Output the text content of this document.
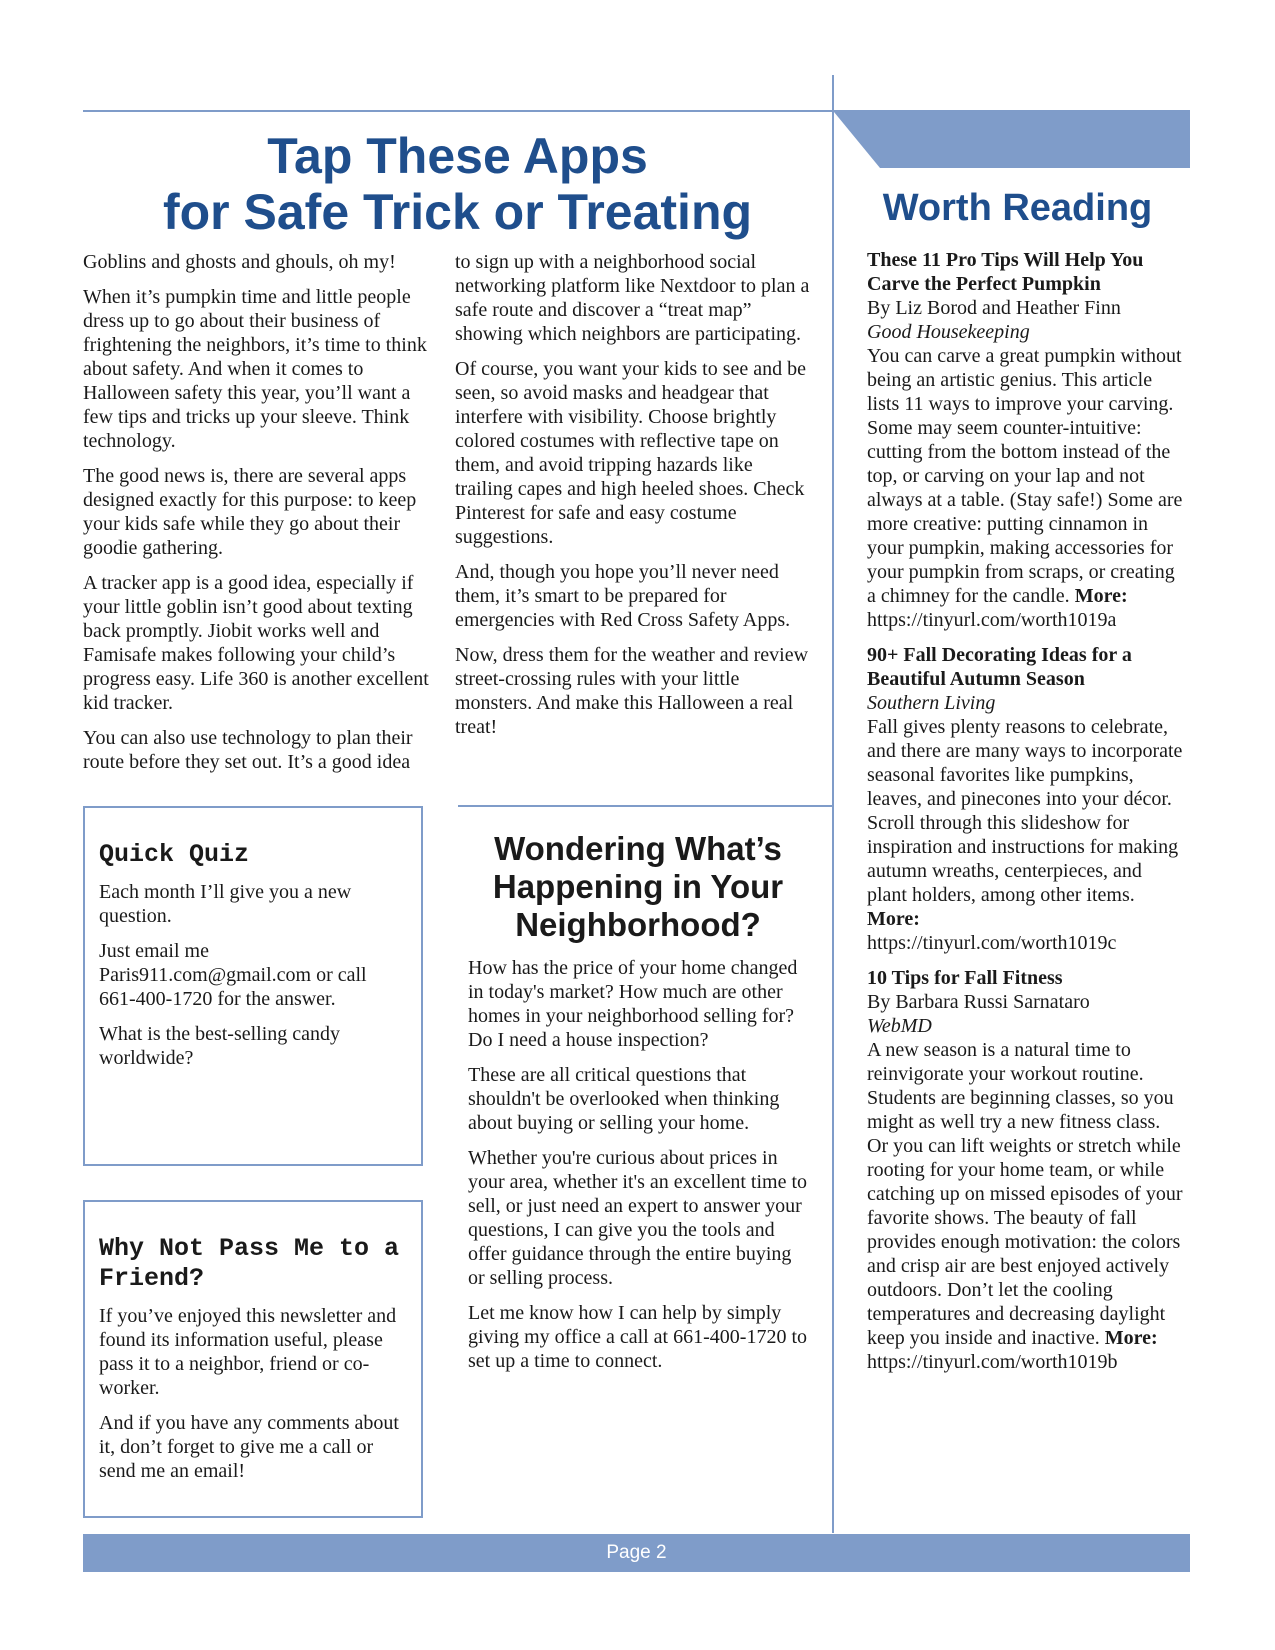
Tap These Apps
for Safe Trick or Treating

Goblins and ghosts and ghouls, oh my!

When it’s pumpkin time and little people dress up to go about their business of frightening the neighbors, it’s time to think about safety. And when it comes to Halloween safety this year, you’ll want a few tips and tricks up your sleeve. Think technology.

The good news is, there are several apps designed exactly for this purpose: to keep your kids safe while they go about their goodie gathering.

A tracker app is a good idea, especially if your little goblin isn’t good about texting back promptly. Jiobit works well and Famisafe makes following your child’s progress easy. Life 360 is another excellent kid tracker.

You can also use technology to plan their route before they set out. It’s a good idea

to sign up with a neighborhood social networking platform like Nextdoor to plan a safe route and discover a “treat map” showing which neighbors are participating.

Of course, you want your kids to see and be seen, so avoid masks and headgear that interfere with visibility. Choose brightly colored costumes with reflective tape on them, and avoid tripping hazards like trailing capes and high heeled shoes. Check Pinterest for safe and easy costume suggestions.

And, though you hope you’ll never need them, it’s smart to be prepared for emergencies with Red Cross Safety Apps.

Now, dress them for the weather and review street-crossing rules with your little monsters. And make this Halloween a real treat!

Quick Quiz

Each month I’ll give you a new question.

Just email me Paris911.com@gmail.com or call 661-400-1720 for the answer.

What is the best-selling candy worldwide?

Why Not Pass Me to a Friend?

If you’ve enjoyed this newsletter and found its information useful, please pass it to a neighbor, friend or co-worker.

And if you have any comments about it, don’t forget to give me a call or send me an email!

Wondering What’s Happening in Your Neighborhood?

How has the price of your home changed in today's market? How much are other homes in your neighborhood selling for? Do I need a house inspection?

These are all critical questions that shouldn't be overlooked when thinking about buying or selling your home.

Whether you're curious about prices in your area, whether it's an excellent time to sell, or just need an expert to answer your questions, I can give you the tools and offer guidance through the entire buying or selling process.

Let me know how I can help by simply giving my office a call at 661-400-1720 to set up a time to connect.

Worth Reading
These 11 Pro Tips Will Help You Carve the Perfect Pumpkin
By Liz Borod and Heather Finn
Good Housekeeping
You can carve a great pumpkin without being an artistic genius. This article lists 11 ways to improve your carving. Some may seem counter-intuitive: cutting from the bottom instead of the top, or carving on your lap and not always at a table. (Stay safe!) Some are more creative: putting cinnamon in your pumpkin, making accessories for your pumpkin from scraps, or creating a chimney for the candle. More:
https://tinyurl.com/worth1019a
90+ Fall Decorating Ideas for a Beautiful Autumn Season
Southern Living
Fall gives plenty reasons to celebrate, and there are many ways to incorporate seasonal favorites like pumpkins, leaves, and pinecones into your décor. Scroll through this slideshow for inspiration and instructions for making autumn wreaths, centerpieces, and plant holders, among other items. More:
https://tinyurl.com/worth1019c
10 Tips for Fall Fitness
By Barbara Russi Sarnataro
WebMD
A new season is a natural time to reinvigorate your workout routine. Students are beginning classes, so you might as well try a new fitness class. Or you can lift weights or stretch while rooting for your home team, or while catching up on missed episodes of your favorite shows. The beauty of fall provides enough motivation: the colors and crisp air are best enjoyed actively outdoors. Don’t let the cooling temperatures and decreasing daylight keep you inside and inactive. More:
https://tinyurl.com/worth1019b
Page 2
